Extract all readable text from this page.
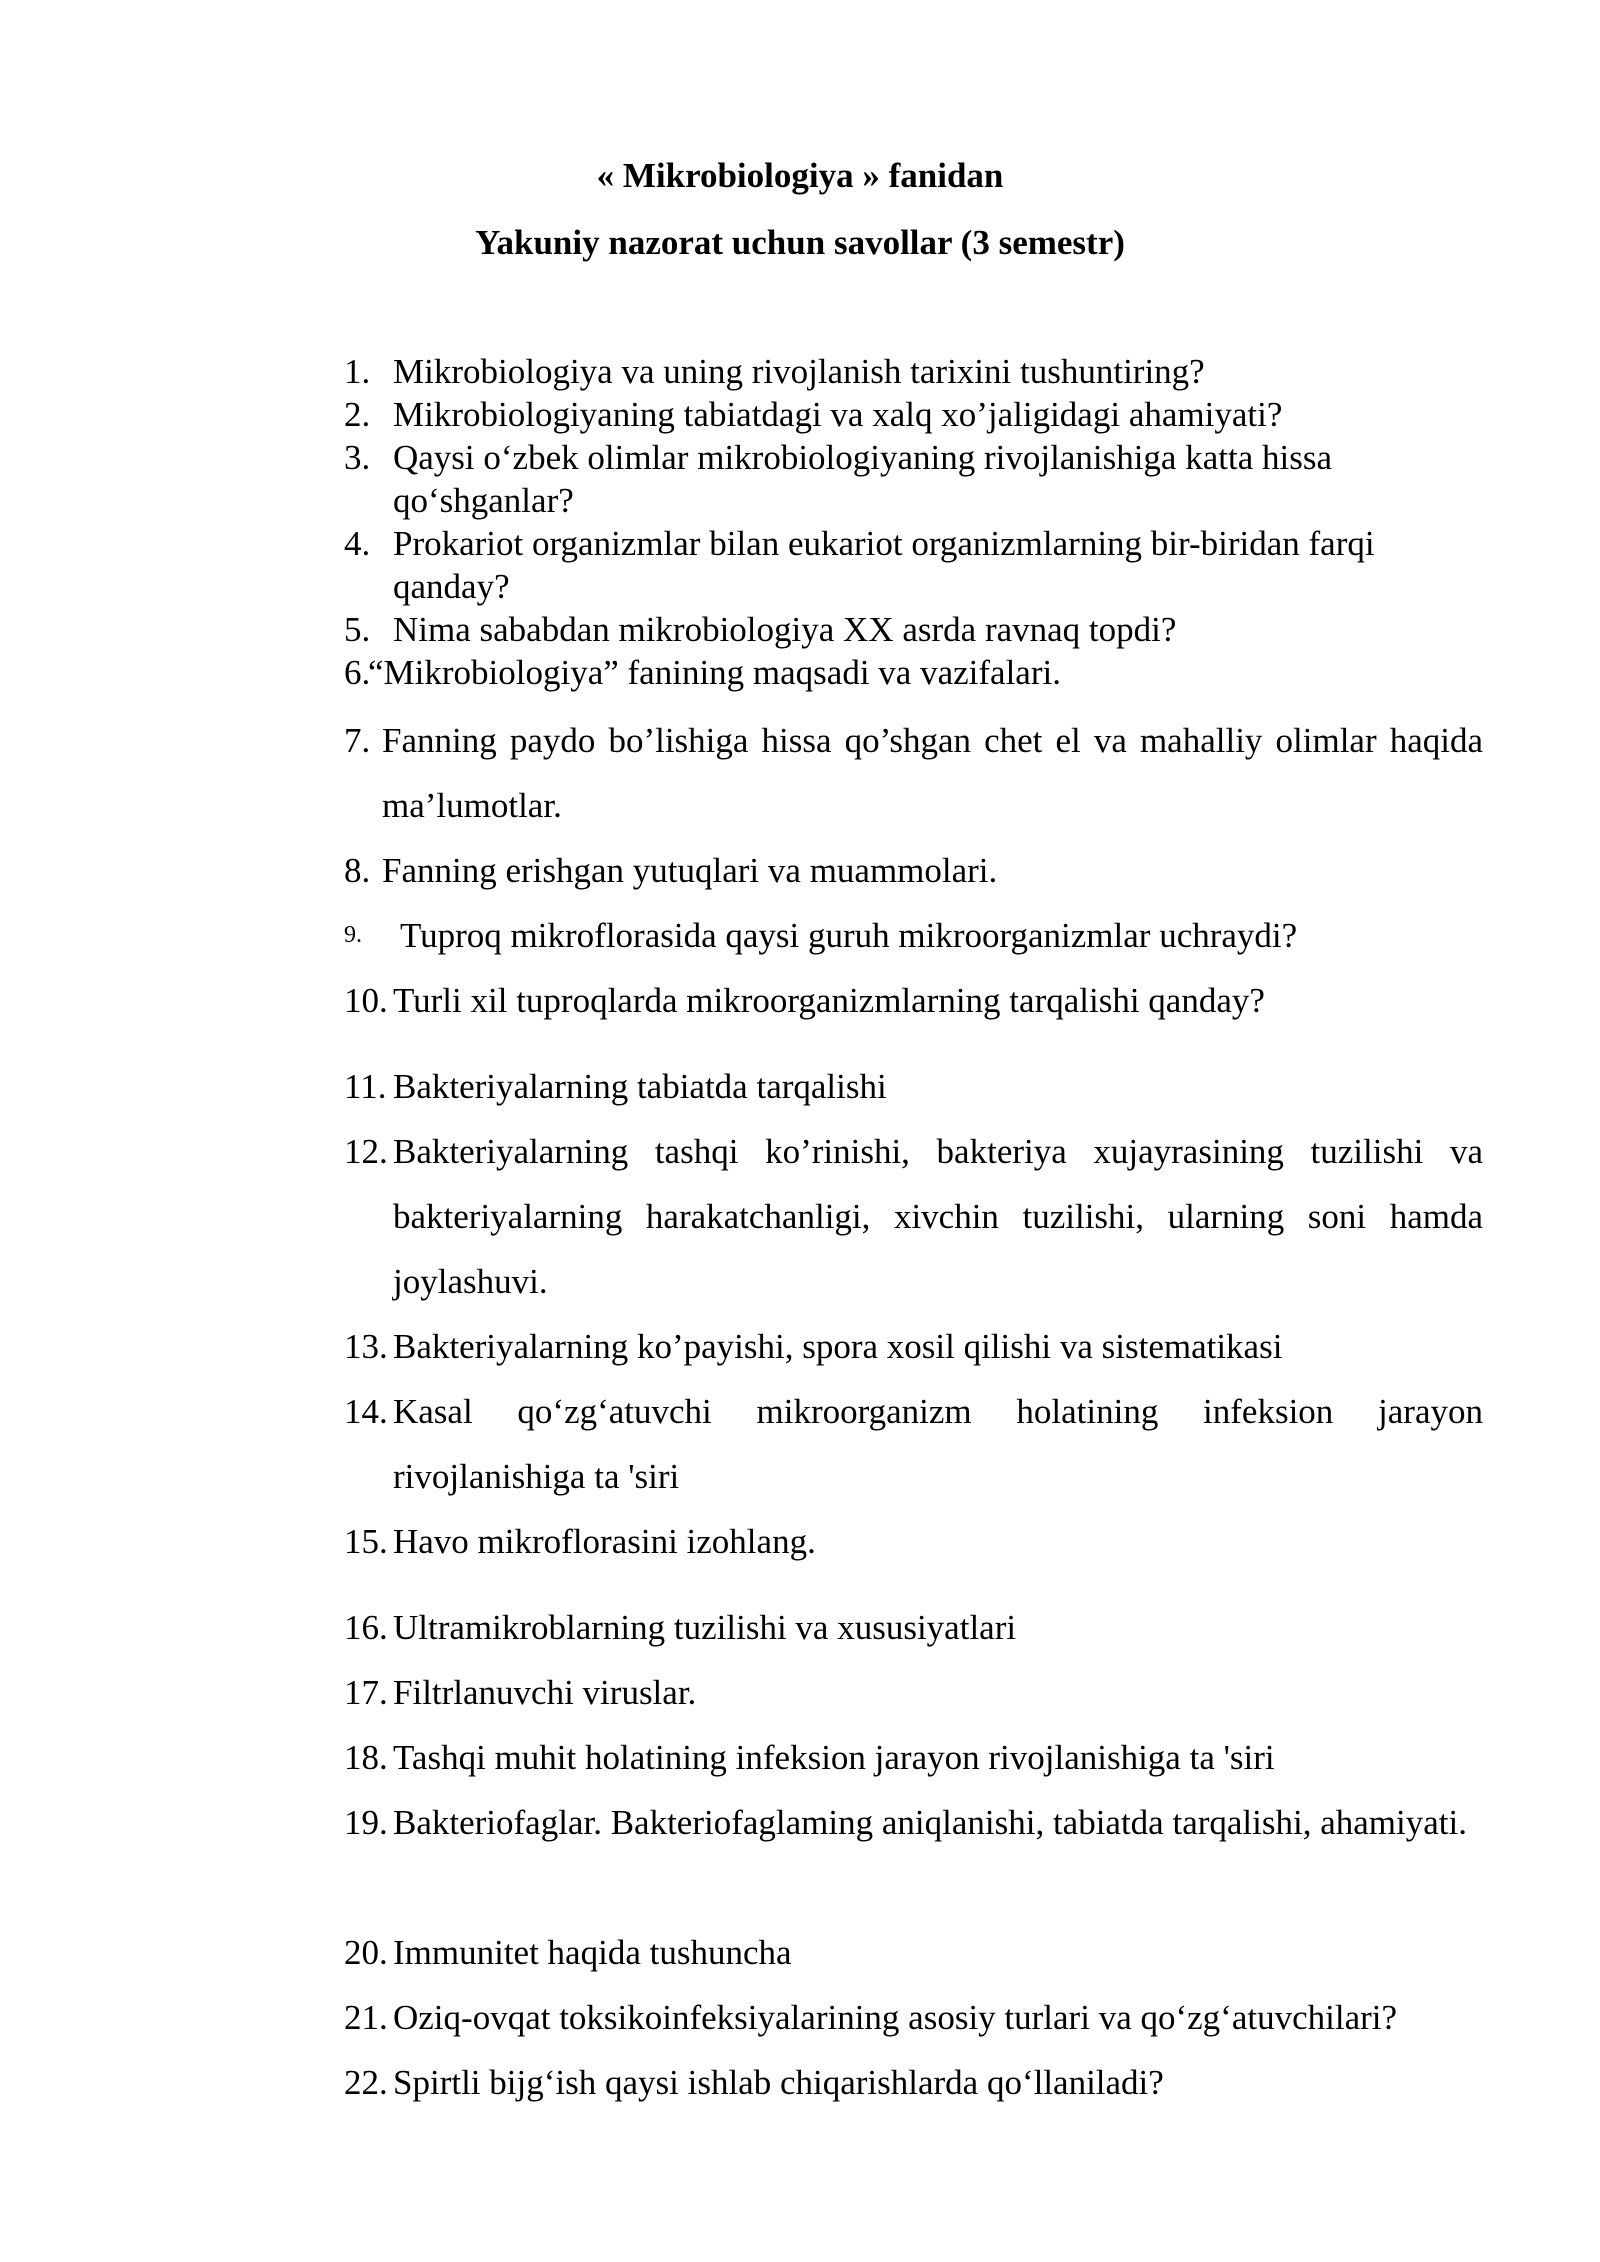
« Mikrobiologiya » fanidan
Yakuniy nazorat uchun savollar (3 semestr)
1. Mikrobiologiya va uning rivojlanish tarixini tushuntiring?
2. Mikrobiologiyaning tabiatdagi va xalq xo’jaligidagi ahamiyati?
3. Qaysi o‘zbek olimlar mikrobiologiyaning rivojlanishiga katta hissa qo‘shganlar?
4. Prokariot organizmlar bilan eukariot organizmlarning bir-biridan farqi qanday?
5. Nima sababdan mikrobiologiya XX asrda ravnaq topdi?
6.
“Mikrobiologiya” fanining maqsadi va vazifalari.
7. Fanning paydo bo’lishiga hissa qo’shgan chet el va mahalliy olimlar haqida ma’lumotlar.
8. Fanning erishgan yutuqlari va muammolari.
9. Tuproq mikroflorasida qaysi guruh mikroorganizmlar uchraydi?
10. Turli xil tuproqlarda mikroorganizmlarning tarqalishi qanday?
11. Bakteriyalarning tabiatda tarqalishi
12. Bakteriyalarning tashqi ko’rinishi, bakteriya xujayrasining tuzilishi va bakteriyalarning harakatchanligi, xivchin tuzilishi, ularning soni hamda joylashuvi.
13. Bakteriyalarning ko’payishi, spora xosil qilishi va sistematikasi
14. Kasal qo‘zg‘atuvchi mikroorganizm holatining infeksion jarayon rivojlanishiga ta 'siri
15. Havo mikroflorasini izohlang.
16. Ultramikroblarning tuzilishi va xususiyatlari
17. Filtrlanuvchi viruslar.
18. Tashqi muhit holatining infeksion jarayon rivojlanishiga ta 'siri
19. Bakteriofaglar. Bakteriofaglaming aniqlanishi, tabiatda tarqalishi, ahamiyati.
20. Immunitet haqida tushuncha
21. Oziq-ovqat toksikoinfeksiyalarining asosiy turlari va qo‘zg‘atuvchilari?
22. Spirtli bijg‘ish qaysi ishlab chiqarishlarda qo‘llaniladi?
